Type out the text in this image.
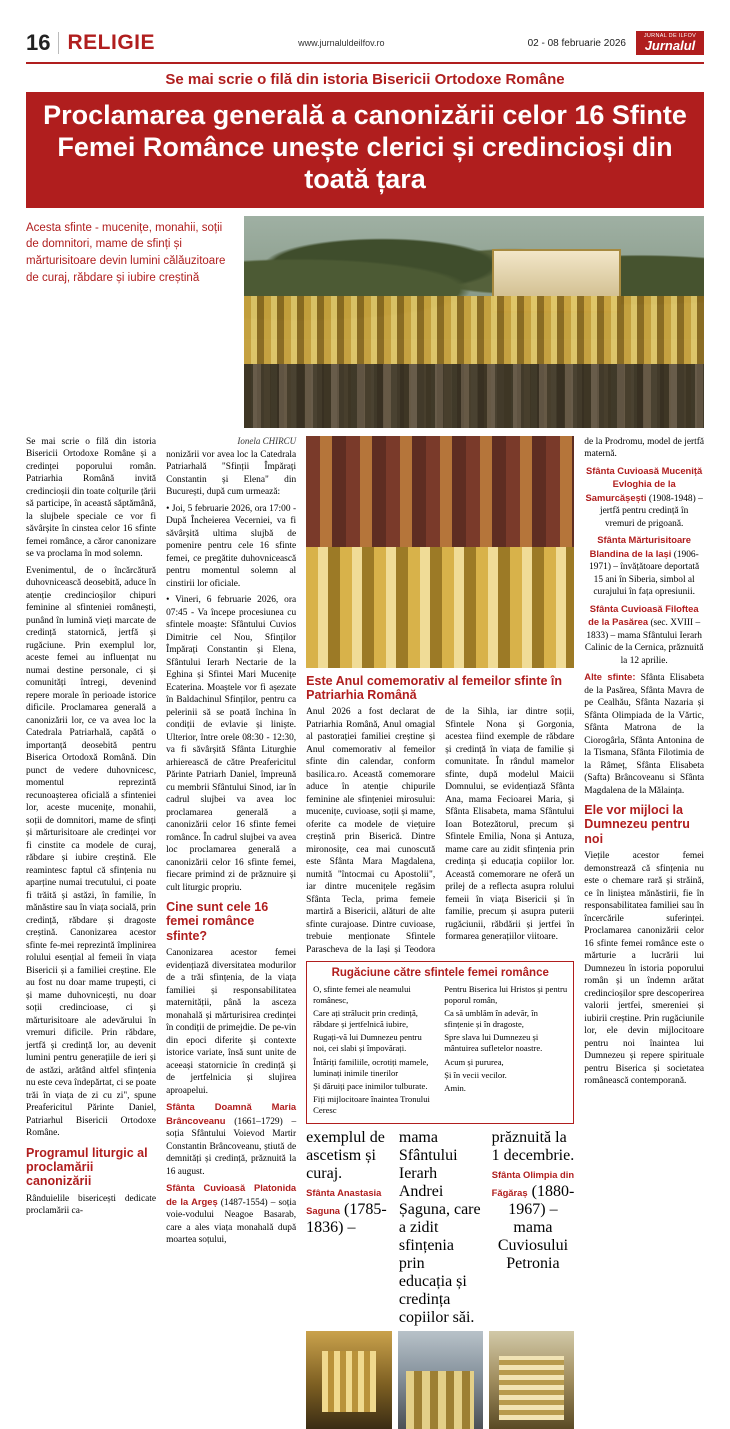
16 RELIGIE	www.jurnaluldeilfov.ro	02 - 08 februarie 2026
JURNAL DE ILFOV
Jurnalul
Se mai scrie o filă din istoria Bisericii Ortodoxe Române
Proclamarea generală a canonizării celor 16 Sfinte Femei Românce unește clerici și credincioși din toată țara
Acesta sfinte - mucenițe, monahii, soții de domnitori, mame de sfinți și mărturisitoare devin lumini călăuzitoare de curaj, răbdare și iubire creștină
Se mai scrie o filă din istoria Bisericii Ortodoxe Române și a credinței poporului român. Patriarhia Română invită credincioșii din toate colțurile țării să participe, în această săptămână, la slujbele speciale ce vor fi săvârșite în cinstea celor 16 sfinte femei românce, a căror canonizare se va proclama în mod solemn.
Evenimentul, de o încărcătură duhovnicească deosebită, aduce în atenție credincioșilor chipuri feminine al sfinteniei românești, punând în lumină vieți marcate de credință statornică, jertfă și rugăciune. Prin exemplul lor, aceste femei au influențat nu numai destine personale, ci și comunități întregi, devenind repere morale în perioade istorice dificile. Proclamarea generală a canonizării lor, ce va avea loc la Catedrala Patriarhală, capătă o importanță deosebită pentru Biserica Ortodoxă Română. Din punct de vedere duhovnicesc, momentul reprezintă recunoașterea oficială a sfinteniei lor, aceste mucenițe, monahii, soții de domnitori, mame de sfinți și mărturisitoare ale credinței vor fi cinstite ca modele de curaj, răbdare și iubire creștină. Ele reamintesc faptul că sfințenia nu aparține numai trecutului, ci poate fi trăită și astăzi, în familie, în mănăstire sau în viața socială, prin credință, răbdare și dragoste creștină. Canonizarea acestor sfinte fe-mei reprezintă împlinirea rolului esențial al femeii în viața Bisericii și a familiei creștine. Ele au fost nu doar mame trupești, ci și mame duhovnicești, nu doar soții credincioase, ci și mărturisitoare ale adevărului în vremuri dificile. Prin răbdare, jertfă și credință lor, au devenit lumini pentru generațiile de ieri și de astăzi, arătând altfel sfințenia nu este ceva îndepărtat, ci se poate trăi în viața de zi cu zi", spune Preafericitul Părinte Daniel, Patriarhul Bisericii Ortodoxe Române.
Programul liturgic al proclamării canonizării
Rânduielile bisericești dedicate proclamării ca-
Ionela CHIRCU
nonizării vor avea loc la Catedrala Patriarhală "Sfinții Împărați Constantin și Elena" din București, după cum urmează:
• Joi, 5 februarie 2026, ora 17:00 - După Încheierea Vecerniei, va fi săvârșită ultima slujbă de pomenire pentru cele 16 sfinte femei, ce pregătite duhovnicească pentru momentul solemn al cinstirii lor oficiale.
• Vineri, 6 februarie 2026, ora 07:45 - Va începe procesiunea cu sfintele moaște: Sfântului Cuvios Dimitrie cel Nou, Sfinților Împărați Constantin și Elena, Sfântului Ierarh Nectarie de la Eghina și Sfintei Mari Mucenițe Ecaterina. Moaștele vor fi așezate în Baldachinul Sfinților, pentru ca pelerinii să se poată închina în condiții de evlavie și liniște. Ulterior, între orele 08:30 - 12:30, va fi săvârșită Sfânta Liturghie arhierească de către Preafericitul Părinte Patriarh Daniel, împreună cu membrii Sfântului Sinod, iar în cadrul slujbei va avea loc proclamarea generală a canonizării celor 16 sfinte femei românce. În cadrul slujbei va avea loc proclamarea generală a canonizării celor 16 sfinte femei, fiecare primind zi de prăznuire și cult liturgic propriu.
Cine sunt cele 16 femei românce sfinte?
Canonizarea acestor femei evidențiază diversitatea modurilor de a trăi sfințenia, de la viața familiei și responsabilitatea maternității, până la asceza monahală și mărturisirea credinței în condiții de primejdie. De pe-vin din epoci diferite și contexte istorice variate, însă sunt unite de aceeași statornicie în credință și de jertfelnicia și slujirea aproapelui.
Sfânta Doamnă Maria Brâncoveanu (1661–1729) – soția Sfântului Voievod Martir Constantin Brâncoveanu, știută de demnități și credință, prăznuită la 16 august.
Sfânta Cuvioasă Platonida de la Argeș (1487-1554) – soția voie-vodului Neagoe Basarab, care a ales viața monahală după moartea soțului,
Este Anul comemorativ al femeilor sfinte în Patriarhia Română
Anul 2026 a fost declarat de Patriarhia Română, Anul omagial al pastorației familiei creștine și Anul comemorativ al femeilor sfinte din calendar, conform basilica.ro. Această comemorare aduce în atenție chipurile feminine ale sfințeniei mirosului: mucenițe, cuvioase, soții și mame, oferite ca modele de viețuire creștină prin Biserică. Dintre mironosițe, cea mai cunoscută este Sfânta Mara Magdalena, numită "întocmai cu Apostolii", iar dintre mucenițele regăsim Sfânta Tecla, prima femeie martiră a Bisericii, alături de alte sfinte curajoase. Dintre cuvioase, trebuie menționate Sfintele Parascheva de la Iași și Teodora de la Sihla, iar dintre soții, Sfintele Nona și Gorgonia, acestea fiind exemple de răbdare și credință în viața de familie și comunitate. În rândul mamelor sfinte, după modelul Maicii Domnului, se evidențiază Sfânta Ana, mama Fecioarei Maria, și Sfânta Elisabeta, mama Sfântului Ioan Botezătorul, precum și Sfintele Emilia, Nona și Antuza, mame care au zidit sfințenia prin credința și educația copiilor lor. Această comemorare ne oferă un prilej de a reflecta asupra rolului femeii în viața Bisericii și în familie, precum și asupra puterii rugăciunii, răbdării și jertfei în formarea generațiilor viitoare.
Rugăciune către sfintele femei românce

O, sfinte femei ale neamului românesc,

Care ați strălucit prin credință, răbdare și jertfelnică iubire,

Rugați-vă lui Dumnezeu pentru noi, cei slabi și împovărați.

Întăriți familiile, ocrotiți mamele, luminați inimile tinerilor

Și dăruiți pace inimilor tulburate.

Fiți mijlocitoare înaintea Tronului Ceresc

Pentru Biserica lui Hristos și pentru poporul român,

Ca să umblăm în adevăr, în sfințenie și în dragoste,

Spre slava lui Dumnezeu și mântuirea sufletelor noastre.

Acum și pururea,

Și în vecii vecilor.

Amin.

exemplul de ascetism și curaj.
Sfânta Anastasia Saguna (1785-1836) –
mama Sfântului Ierarh Andrei Șaguna, care a zidit sfințenia prin educația și credința copiilor săi.
prăznuită la 1 decembrie.
Sfânta Olimpia din Făgăraș (1880-1967) – mama Cuviosului Petronia
de la Prodromu, model de jertfă maternă.
Sfânta Cuvioasă Muceniță Evloghia de la Samurcășești (1908-1948) – jertfă pentru credință în vremuri de prigoană.
Sfânta Mărturisitoare Blandina de la Iași (1906-1971) – învățătoare deportată 15 ani în Siberia, simbol al curajului în fața opresiunii.
Sfânta Cuvioasă Filoftea de la Pasărea (sec. XVIII – 1833) – mama Sfântului Ierarh Calinic de la Cernica, prăznuită la 12 aprilie.
Alte sfinte: Sfânta Elisabeta de la Pasărea, Sfânta Mavra de pe Cealhău, Sfânta Nazaria și Sfânta Olimpiada de la Vărtic, Sfânta Matrona de la Ciorogârla, Sfânta Antonina de la Tismana, Sfânta Filotimia de la Râmeț, Sfânta Elisabeta (Safta) Brâncoveanu si Sfânta Magdalena de la Mălaința.
Ele vor mijloci la Dumnezeu pentru noi
Viețile acestor femei demonstrează că sfințenia nu este o chemare rară și străină, ce în liniștea mănăstirii, fie în responsabilitatea familiei sau în încercările suferinței. Proclamarea canonizării celor 16 sfinte femei românce este o mărturie a lucrării lui Dumnezeu în istoria poporului român și un îndemn arătat credincioșilor spre descoperirea valorii jertfei, smereniei și iubirii creștine. Prin rugăciunile lor, ele devin mijlocitoare pentru noi înaintea lui Dumnezeu și repere spirituale pentru Biserica și societatea românească contemporană.
